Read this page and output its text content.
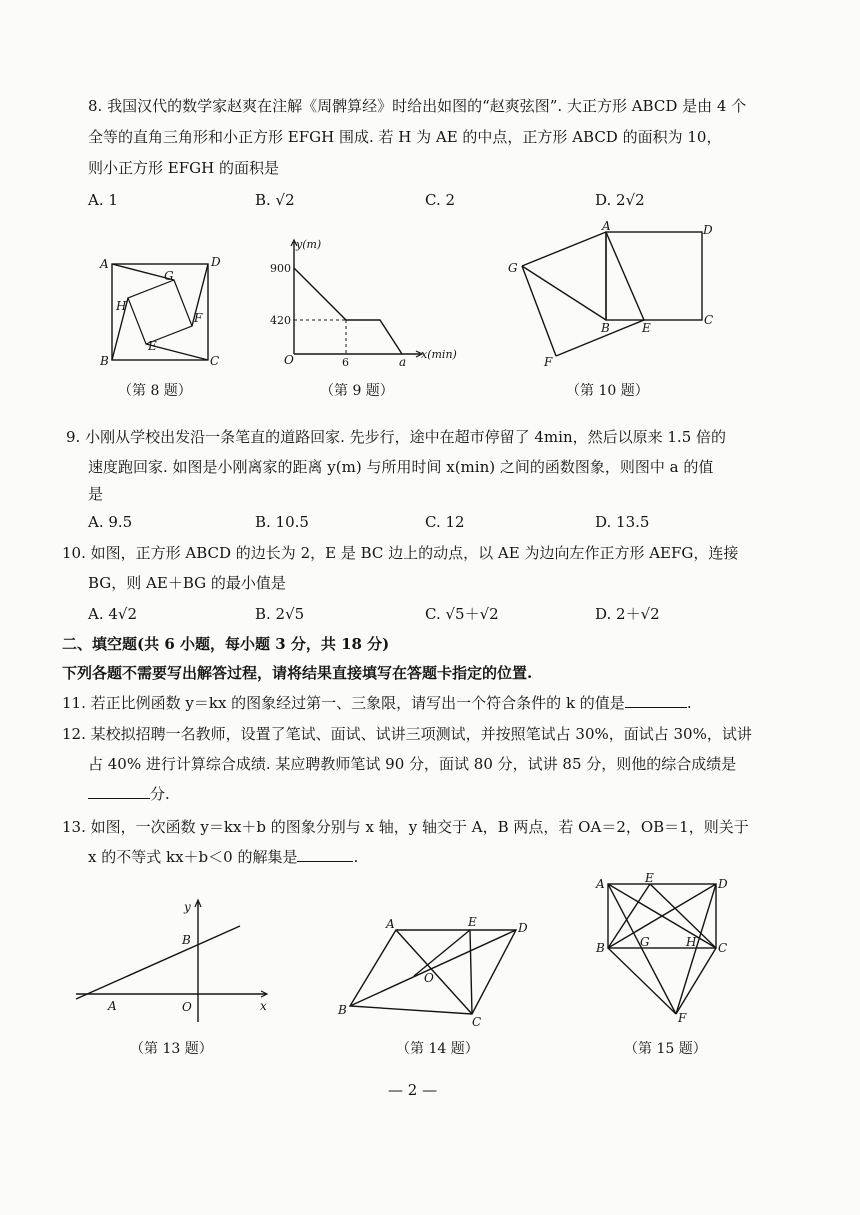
8. 我国汉代的数学家赵爽在注解《周髀算经》时给出如图的“赵爽弦图”. 大正方形 ABCD 是由 4 个
全等的直角三角形和小正方形 EFGH 围成. 若 H 为 AE 的中点，正方形 ABCD 的面积为 10，
则小正方形 EFGH 的面积是
A. 1	B. √2	C. 2	D. 2√2
A	D
G
H
F
E
B	C
（第 8 题）
y(m)
900
420
O	6	a
x(min)
（第 9 题）
A	D
G
B	E
C
F
（第 10 题）
9. 小刚从学校出发沿一条笔直的道路回家. 先步行，途中在超市停留了 4min，然后以原来 1.5 倍的
速度跑回家. 如图是小刚离家的距离 y(m) 与所用时间 x(min) 之间的函数图象，则图中 a 的值
是
A. 9.5	B. 10.5	C. 12	D. 13.5
10. 如图，正方形 ABCD 的边长为 2，E 是 BC 边上的动点，以 AE 为边向左作正方形 AEFG，连接
BG，则 AE＋BG 的最小值是
A. 4√2	B. 2√5	C. √5＋√2	D. 2＋√2
二、填空题(共 6 小题，每小题 3 分，共 18 分)
下列各题不需要写出解答过程，请将结果直接填写在答题卡指定的位置.
11. 若正比例函数 y＝kx 的图象经过第一、三象限，请写出一个符合条件的 k 的值是	.
12. 某校拟招聘一名教师，设置了笔试、面试、试讲三项测试，并按照笔试占 30%，面试占 30%，试讲
占 40% 进行计算综合成绩. 某应聘教师笔试 90 分，面试 80 分，试讲 85 分，则他的综合成绩是
分.
13. 如图，一次函数 y＝kx＋b 的图象分别与 x 轴，y 轴交于 A，B 两点，若 OA＝2，OB＝1，则关于
x 的不等式 kx＋b＜0 的解集是	.
y
B
A	O	x
（第 13 题）
A	E	D
O
B
C
（第 14 题）
A	E	D
B	G	H C
F
（第 15 题）
— 2 —
